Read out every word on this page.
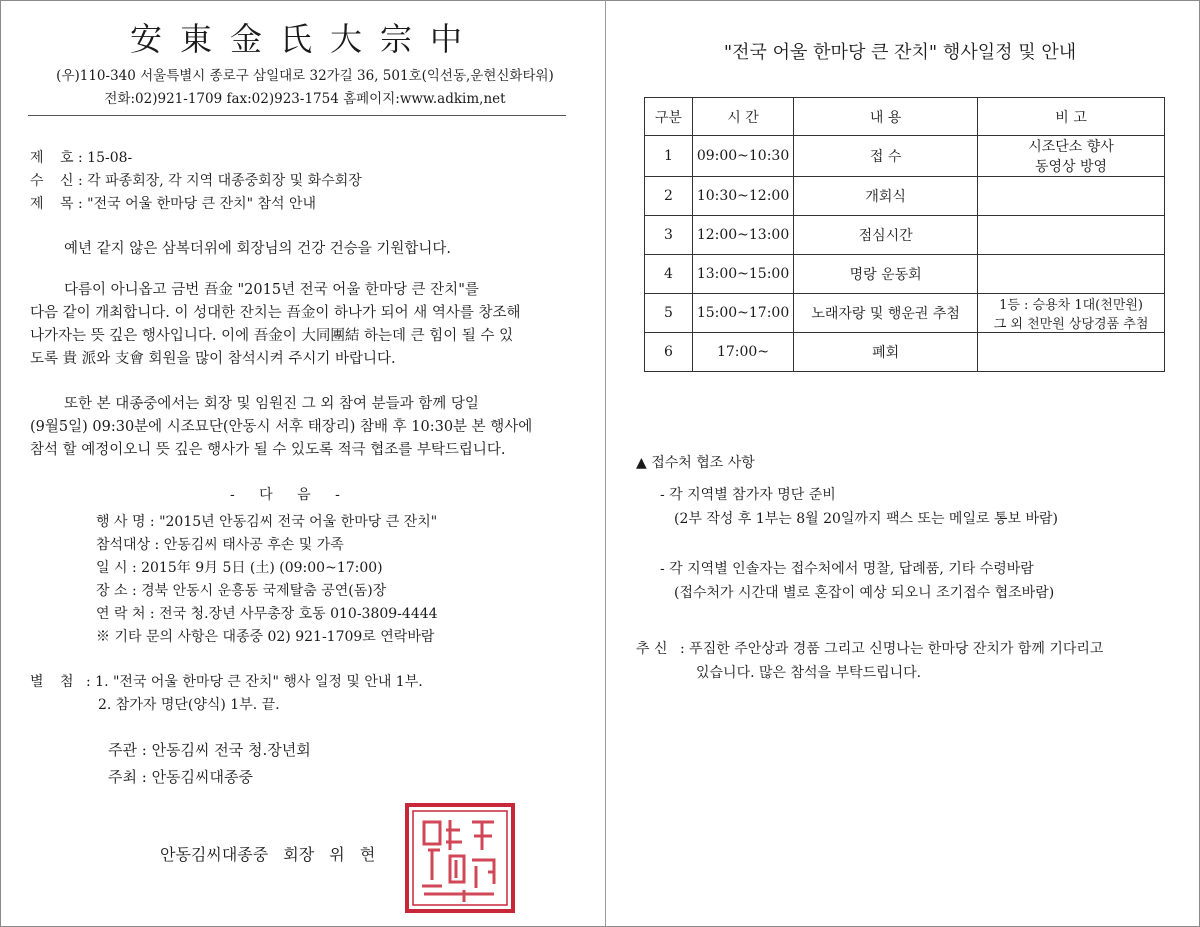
安東金氏大宗中
(우)110-340 서울특별시 종로구 삼일대로 32가길 36, 501호(익선동,운현신화타워)
전화:02)921-1709 fax:02)923-1754 홈페이지:www.adkim,net
제 호: 15-08-
수 신: 각 파종회장, 각 지역 대종중회장 및 화수회장
제 목: "전국 어울 한마당 큰 잔치" 참석 안내
예년 같지 않은 삼복더위에 회장님의 건강 건승을 기원합니다.
다름이 아니옵고 금번 吾金 "2015년 전국 어울 한마당 큰 잔치"를
다음 같이 개최합니다. 이 성대한 잔치는 吾金이 하나가 되어 새 역사를 창조해
나가자는 뜻 깊은 행사입니다. 이에 吾金이 大同團結 하는데 큰 힘이 될 수 있
도록 貴 派와 支會 회원을 많이 참석시켜 주시기 바랍니다.
또한 본 대종중에서는 회장 및 임원진 그 외 참여 분들과 함께 당일
(9월5일) 09:30분에 시조묘단(안동시 서후 태장리) 참배 후 10:30분 본 행사에
참석 할 예정이오니 뜻 깊은 행사가 될 수 있도록 적극 협조를 부탁드립니다.
- 다 음 -
행 사 명 : "2015년 안동김씨 전국 어울 한마당 큰 잔치"
참석대상 : 안동김씨 태사공 후손 및 가족
일 시 : 2015年 9月 5日 (土) (09:00~17:00)
장 소 : 경북 안동시 운흥동 국제탈춤 공연(돔)장
연 락 처 : 전국 청.장년 사무총장 호동 010-3809-4444
※ 기타 문의 사항은 대종중 02) 921-1709로 연락바람
별 첨 : 1. "전국 어울 한마당 큰 잔치" 행사 일정 및 안내 1부.
2. 참가자 명단(양식) 1부. 끝.
주관 : 안동김씨 전국 청.장년회
주최 : 안동김씨대종중
안동김씨대종중 회장 위 현
"전국 어울 한마당 큰 잔치" 행사일정 및 안내
구분	시 간	내 용	비 고
1	09:00~10:30	접 수	시조단소 향사
동영상 방영

2	10:30~12:00	개회식	
3	12:00~13:00	점심시간	
4	13:00~15:00	명랑 운동회	
5	15:00~17:00	노래자랑 및 행운권 추첨	1등 : 승용차 1대(천만원)
그 외 천만원 상당경품 추첨

6	17:00~	폐회	
▲ 접수처 협조 사항
- 각 지역별 참가자 명단 준비
(2부 작성 후 1부는 8월 20일까지 팩스 또는 메일로 통보 바람)
- 각 지역별 인솔자는 접수처에서 명찰, 답례품, 기타 수령바람
(접수처가 시간대 별로 혼잡이 예상 되오니 조기접수 협조바람)
추 신 : 푸짐한 주안상과 경품 그리고 신명나는 한마당 잔치가 함께 기다리고
있습니다. 많은 참석을 부탁드립니다.
